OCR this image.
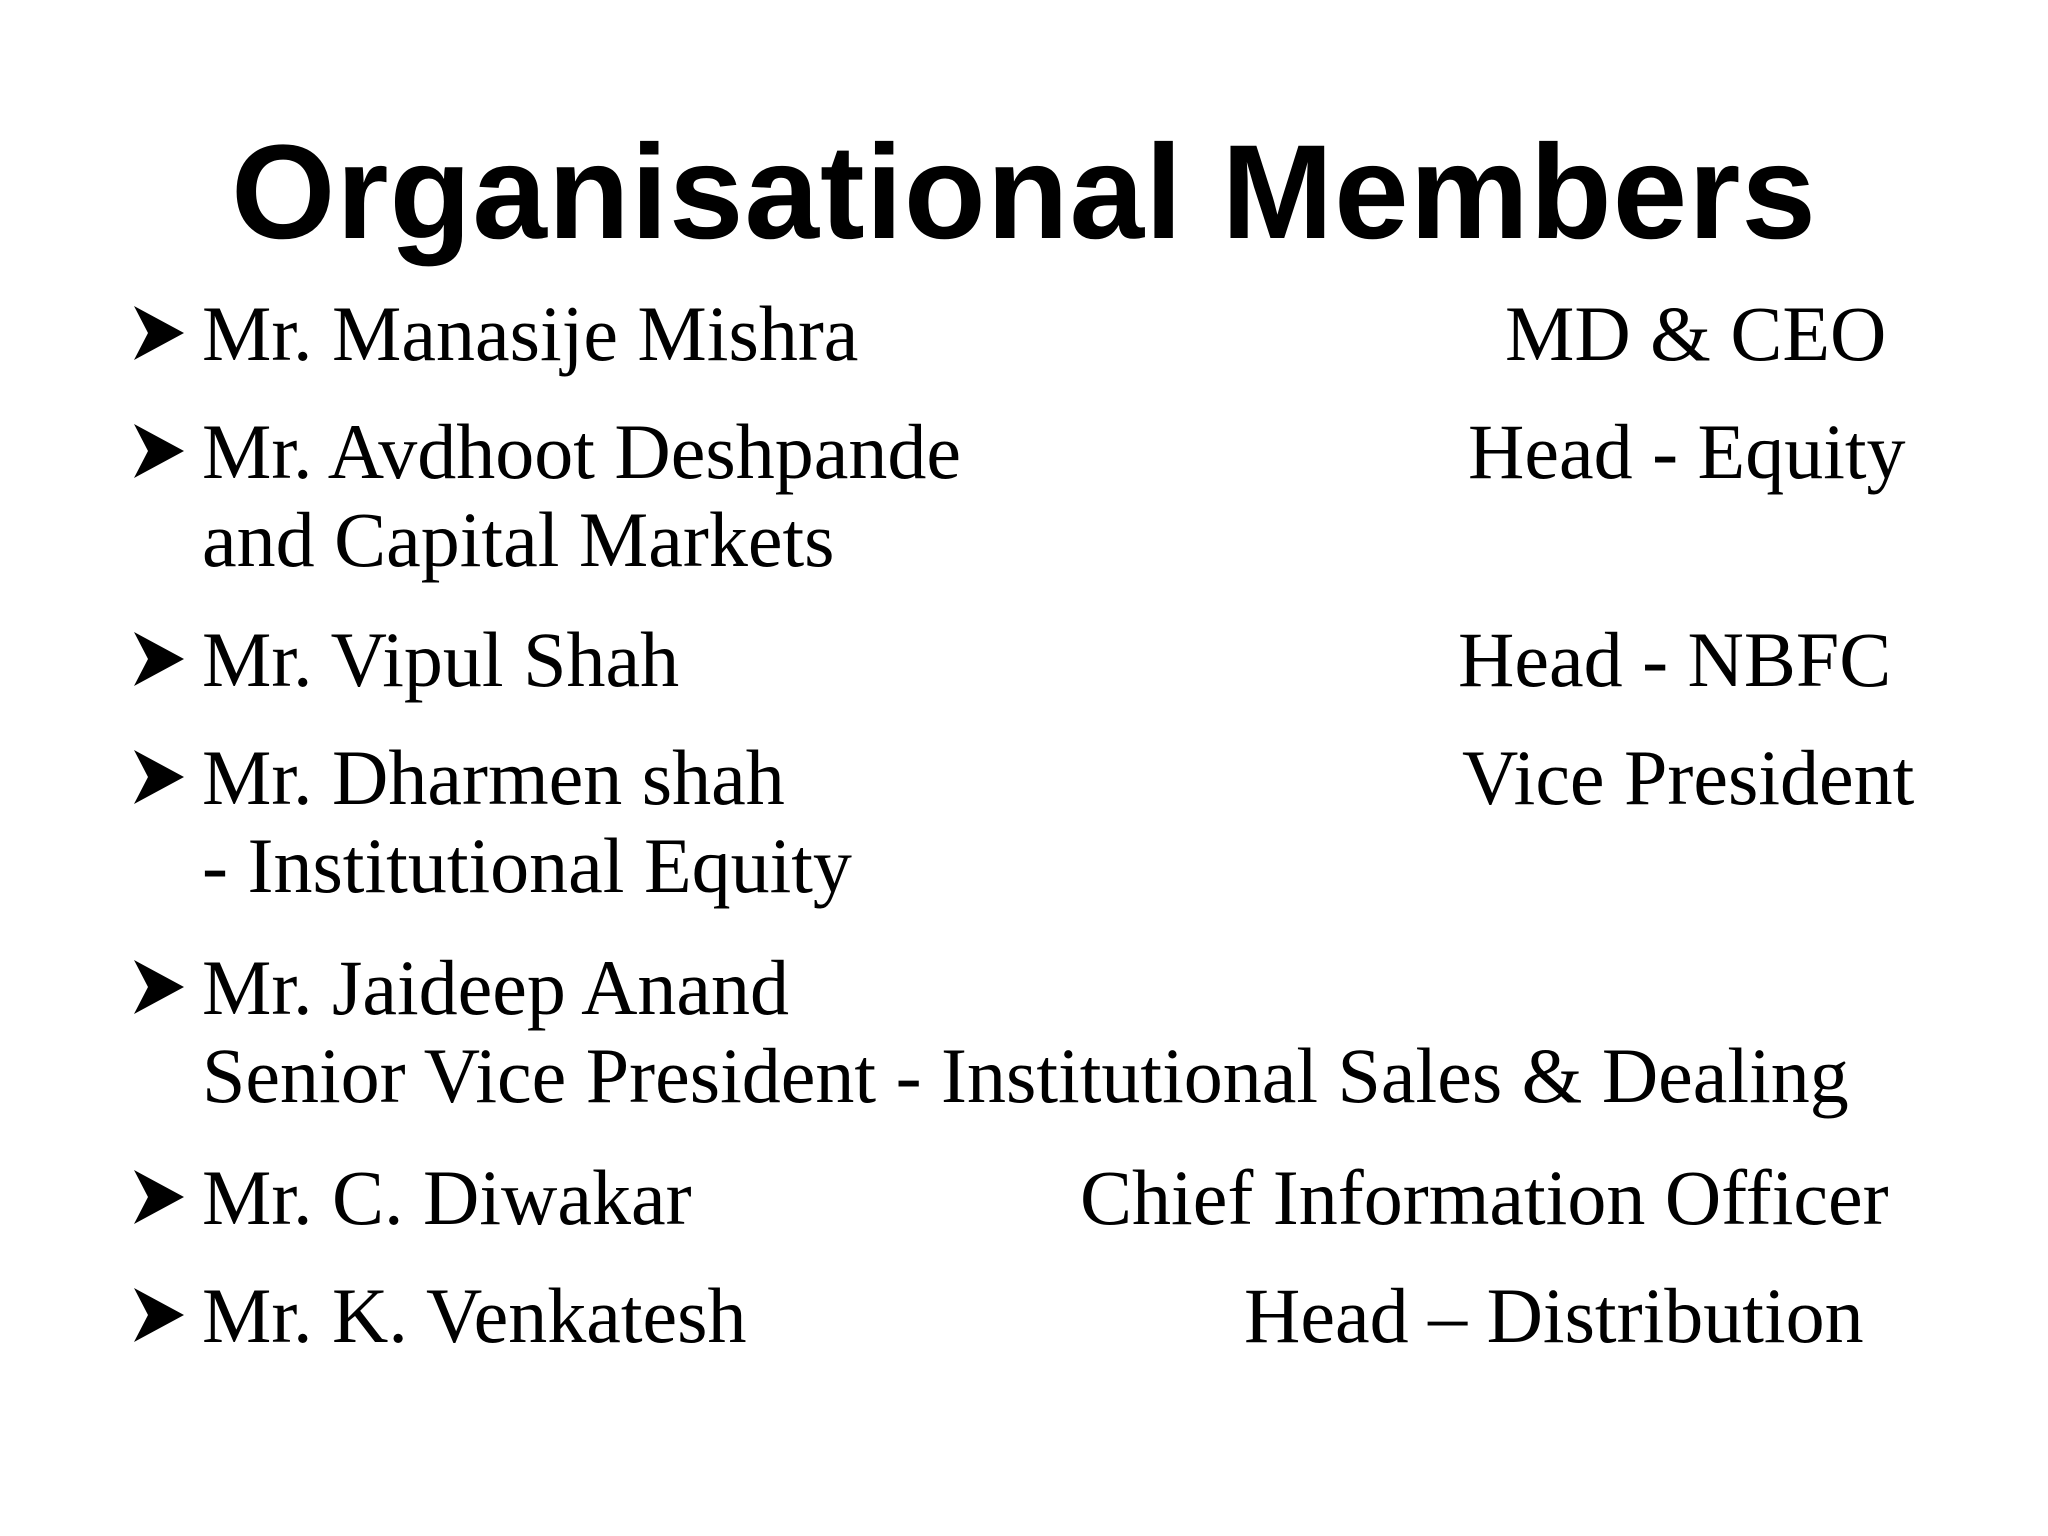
Organisational Members
Mr. Manasije Mishra	MD & CEO
Mr. Avdhoot Deshpande	Head - Equity
and Capital Markets
Mr. Vipul Shah	Head - NBFC
Mr. Dharmen shah	Vice President
- Institutional Equity
Mr. Jaideep Anand
Senior Vice President - Institutional Sales & Dealing
Mr. C. Diwakar	Chief Information Officer
Mr. K. Venkatesh	Head – Distribution
